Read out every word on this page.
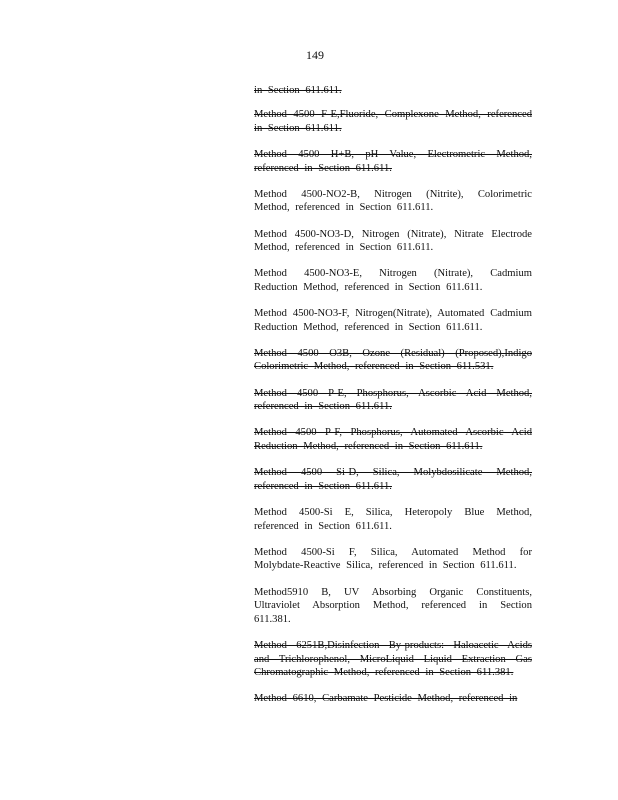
149

in Section 611.611.

Method 4500 F-E,Fluoride, Complexone Method, referenced in Section 611.611.

Method 4500 H+B, pH Value, Electrometric Method, referenced in Section 611.611.

Method 4500-NO2-B, Nitrogen (Nitrite), Colorimetric Method, referenced in Section 611.611.

Method 4500-NO3-D, Nitrogen (Nitrate), Nitrate Electrode Method, referenced in Section 611.611.

Method 4500-NO3-E, Nitrogen (Nitrate), Cadmium Reduction Method, referenced in Section 611.611.

Method 4500-NO3-F, Nitrogen(Nitrate), Automated Cadmium Reduction Method, referenced in Section 611.611.

Method 4500 O3B, Ozone (Residual) (Proposed),Indigo Colorimetric Method, referenced in Section 611.531.

Method 4500 P-E, Phosphorus, Ascorbic Acid Method, referenced in Section 611.611.

Method 4500 P-F, Phosphorus, Automated Ascorbic Acid Reduction Method, referenced in Section 611.611.

Method 4500 Si-D, Silica, Molybdosilicate Method, referenced in Section 611.611.

Method 4500-Si E, Silica, Heteropoly Blue Method, referenced in Section 611.611.

Method 4500-Si F, Silica, Automated Method for Molybdate-Reactive Silica, referenced in Section 611.611.

Method5910 B, UV Absorbing Organic Constituents, Ultraviolet Absorption Method, referenced in Section 611.381.

Method 6251B,Disinfection By-products: Haloacetic Acids and Trichlorophenol, MicroLiquid Liquid Extraction Gas Chromatographic Method, referenced in Section 611.381.

Method 6610, Carbamate Pesticide Method, referenced in
